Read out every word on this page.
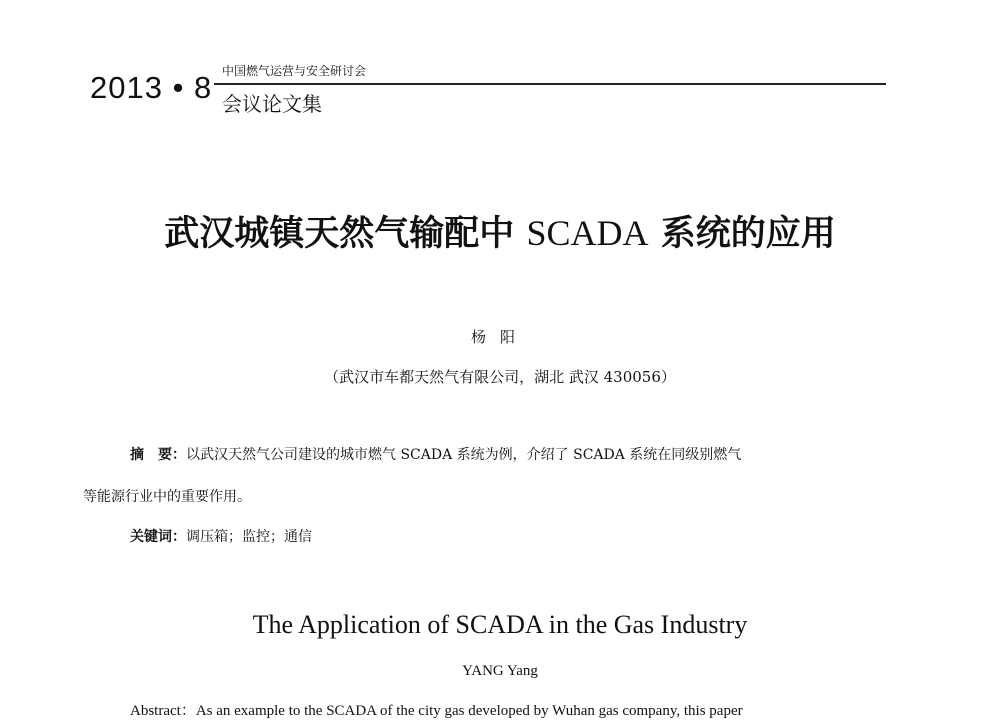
2013 • 8 中国燃气运营与安全研讨会
会议论文集
武汉城镇天然气输配中 SCADA 系统的应用
杨阳
（武汉市车都天然气有限公司，湖北 武汉 430056）
摘　要：以武汉天然气公司建设的城市燃气 SCADA 系统为例，介绍了 SCADA 系统在同级别燃气
等能源行业中的重要作用。
关键词：调压箱；监控；通信
The Application of SCADA in the Gas Industry
YANG Yang
Abstract：As an example to the SCADA of the city gas developed by Wuhan gas company, this paper
